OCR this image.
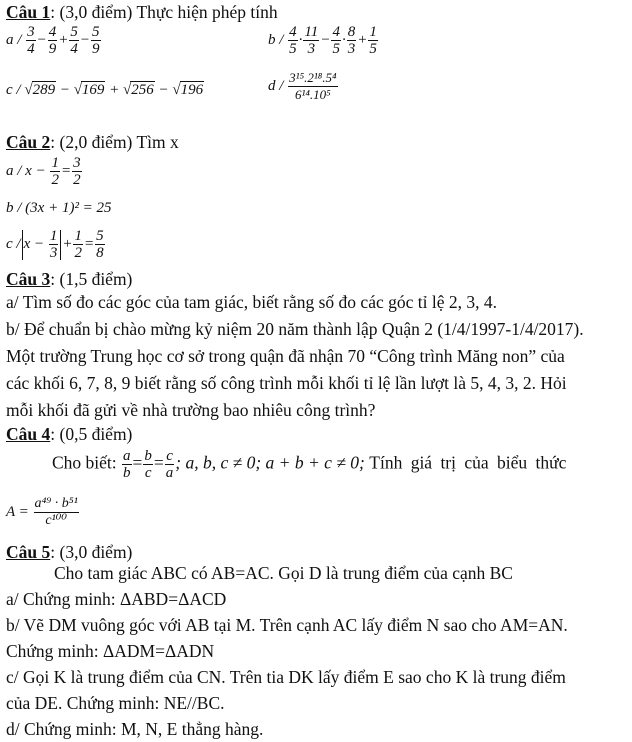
Câu 1: (3,0 điểm) Thực hiện phép tính
$a / \frac{3}{4} - \frac{4}{9} + \frac{5}{4} - \frac{5}{9}$	$b / \frac{4}{5} \cdot \frac{11}{3} - \frac{4}{5} \cdot \frac{8}{3} + \frac{1}{5}$
c / √289 − √169 + √256 − √196	d / $\frac{\text{3¹⁵.2¹⁸.5⁴}}{\text{6¹⁴.10⁵}}$
Câu 2: (2,0 điểm) Tìm x
$a / x - \frac{1}{2} = \frac{3}{2}$
b / (3x + 1)² = 25
$c / x - \frac{1}{3} + \frac{1}{2} = \frac{5}{8}$
Câu 3: (1,5 điểm)
a/ Tìm số đo các góc của tam giác, biết rằng số đo các góc tỉ lệ 2, 3, 4.
b/ Để chuẩn bị chào mừng kỷ niệm 20 năm thành lập Quận 2 (1/4/1997-1/4/2017).
Một trường Trung học cơ sở trong quận đã nhận 70 “Công trình Măng non” của
các khối 6, 7, 8, 9 biết rằng số công trình mỗi khối tỉ lệ lần lượt là 5, 4, 3, 2. Hỏi
mỗi khối đã gửi về nhà trường bao nhiêu công trình?
Câu 4: (0,5 điểm)
Cho biết: $\frac{a}{b} = \frac{b}{c} = \frac{c}{a}$ ; a, b, c ≠ 0; a + b + c ≠ 0; Tính giá trị của biểu thức
$A = \frac{\text{a⁴⁹ · b⁵¹}}{\text{c¹⁰⁰}}$
Câu 5: (3,0 điểm)
Cho tam giác ABC có AB=AC. Gọi D là trung điểm của cạnh BC
a/ Chứng minh: ΔABD=ΔACD
b/ Vẽ DM vuông góc với AB tại M. Trên cạnh AC lấy điểm N sao cho AM=AN.
Chứng minh: ΔADM=ΔADN
c/ Gọi K là trung điểm của CN. Trên tia DK lấy điểm E sao cho K là trung điểm
của DE. Chứng minh: NE//BC.
d/ Chứng minh: M, N, E thẳng hàng.
